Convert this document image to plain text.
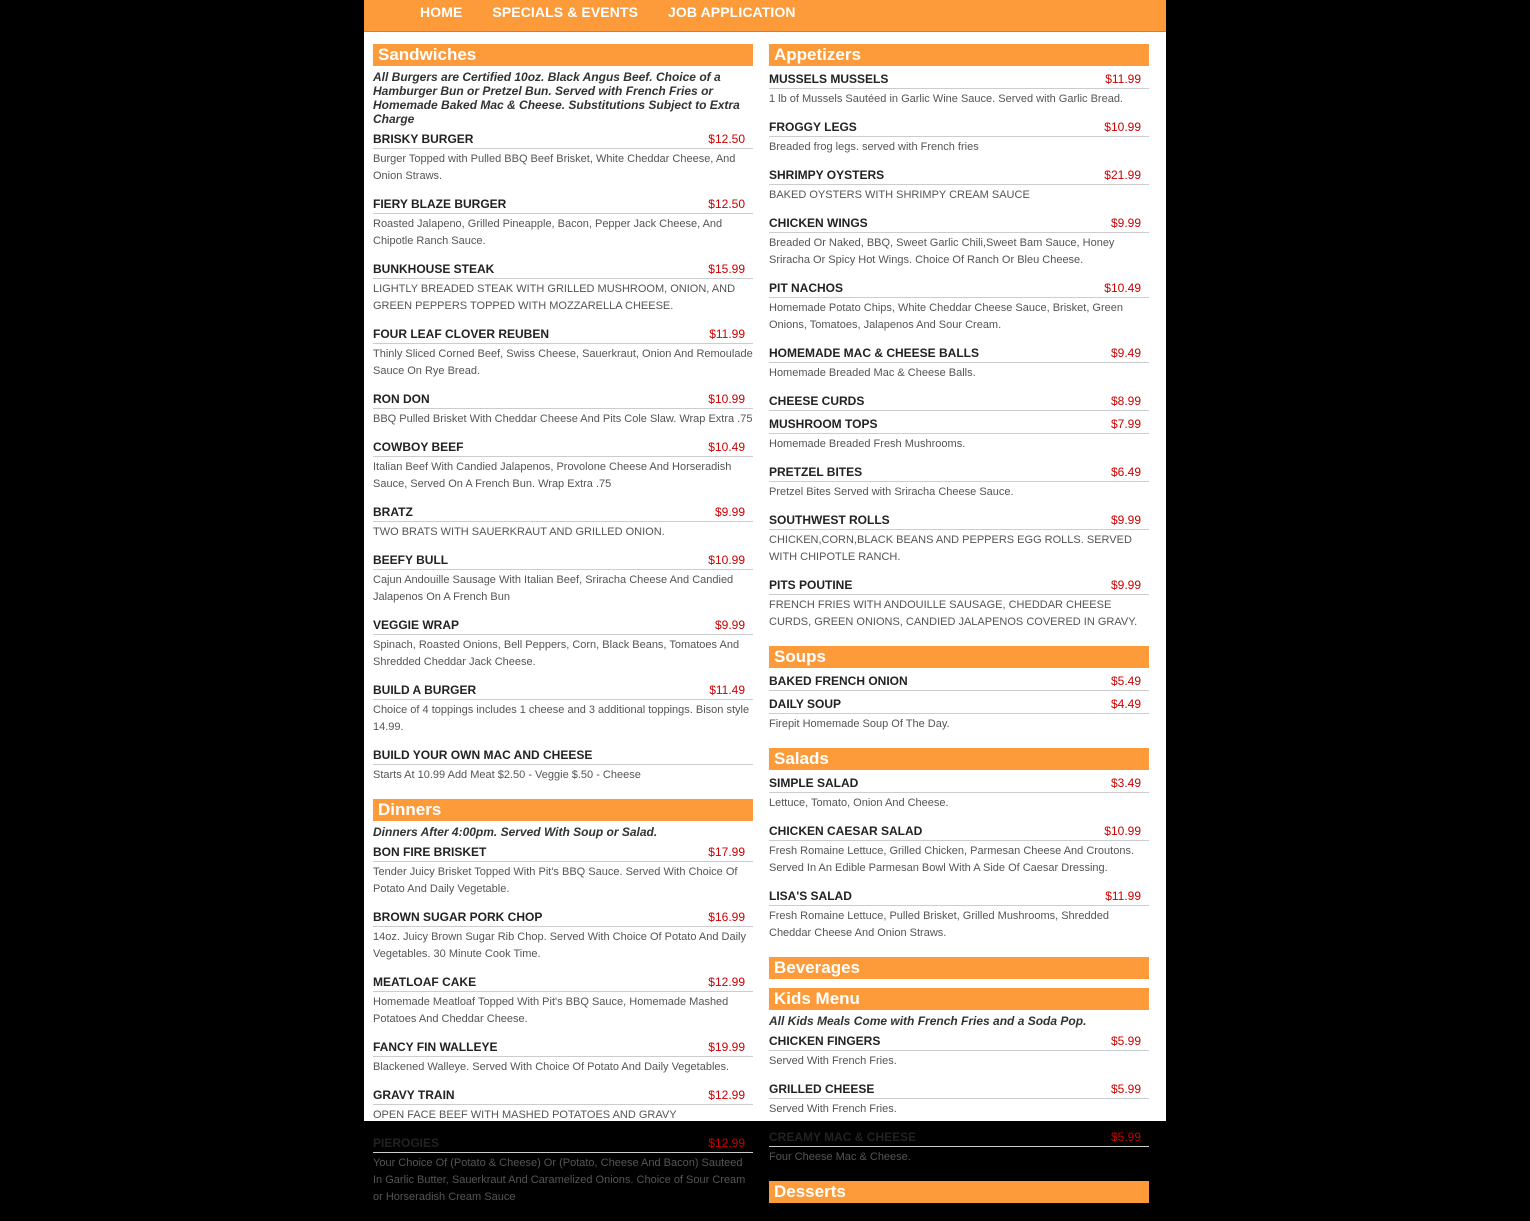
HOME SPECIALS & EVENTS JOB APPLICATION
Sandwiches
All Burgers are Certified 10oz. Black Angus Beef. Choice of a Hamburger Bun or Pretzel Bun. Served with French Fries or Homemade Baked Mac & Cheese. Substitutions Subject to Extra Charge
BRISKY BURGER	$12.50
Burger Topped with Pulled BBQ Beef Brisket, White Cheddar Cheese, And Onion Straws.
FIERY BLAZE BURGER	$12.50
Roasted Jalapeno, Grilled Pineapple, Bacon, Pepper Jack Cheese, And Chipotle Ranch Sauce.
BUNKHOUSE STEAK	$15.99
LIGHTLY BREADED STEAK WITH GRILLED MUSHROOM, ONION, AND GREEN PEPPERS TOPPED WITH MOZZARELLA CHEESE.
FOUR LEAF CLOVER REUBEN	$11.99
Thinly Sliced Corned Beef, Swiss Cheese, Sauerkraut, Onion And Remoulade Sauce On Rye Bread.
RON DON	$10.99
BBQ Pulled Brisket With Cheddar Cheese And Pits Cole Slaw. Wrap Extra .75
COWBOY BEEF	$10.49
Italian Beef With Candied Jalapenos, Provolone Cheese And Horseradish Sauce, Served On A French Bun. Wrap Extra .75
BRATZ	$9.99
TWO BRATS WITH SAUERKRAUT AND GRILLED ONION.
BEEFY BULL	$10.99
Cajun Andouille Sausage With Italian Beef, Sriracha Cheese And Candied Jalapenos On A French Bun
VEGGIE WRAP	$9.99
Spinach, Roasted Onions, Bell Peppers, Corn, Black Beans, Tomatoes And Shredded Cheddar Jack Cheese.
BUILD A BURGER	$11.49
Choice of 4 toppings includes 1 cheese and 3 additional toppings. Bison style 14.99.
BUILD YOUR OWN MAC AND CHEESE
Starts At 10.99 Add Meat $2.50 - Veggie $.50 - Cheese
Dinners
Dinners After 4:00pm. Served With Soup or Salad.
BON FIRE BRISKET	$17.99
Tender Juicy Brisket Topped With Pit's BBQ Sauce. Served With Choice Of Potato And Daily Vegetable.
BROWN SUGAR PORK CHOP	$16.99
14oz. Juicy Brown Sugar Rib Chop. Served With Choice Of Potato And Daily Vegetables. 30 Minute Cook Time.
MEATLOAF CAKE	$12.99
Homemade Meatloaf Topped With Pit's BBQ Sauce, Homemade Mashed Potatoes And Cheddar Cheese.
FANCY FIN WALLEYE	$19.99
Blackened Walleye. Served With Choice Of Potato And Daily Vegetables.
GRAVY TRAIN	$12.99
OPEN FACE BEEF WITH MASHED POTATOES AND GRAVY
PIEROGIES	$12.99
Your Choice Of (Potato & Cheese) Or (Potato, Cheese And Bacon) Sauteed In Garlic Butter, Sauerkraut And Caramelized Onions. Choice of Sour Cream or Horseradish Cream Sauce
Appetizers
MUSSELS MUSSELS	$11.99
1 lb of Mussels Sautéed in Garlic Wine Sauce. Served with Garlic Bread.
FROGGY LEGS	$10.99
Breaded frog legs. served with French fries
SHRIMPY OYSTERS	$21.99
BAKED OYSTERS WITH SHRIMPY CREAM SAUCE
CHICKEN WINGS	$9.99
Breaded Or Naked, BBQ, Sweet Garlic Chili,Sweet Bam Sauce, Honey Sriracha Or Spicy Hot Wings. Choice Of Ranch Or Bleu Cheese.
PIT NACHOS	$10.49
Homemade Potato Chips, White Cheddar Cheese Sauce, Brisket, Green Onions, Tomatoes, Jalapenos And Sour Cream.
HOMEMADE MAC & CHEESE BALLS	$9.49
Homemade Breaded Mac & Cheese Balls.
CHEESE CURDS	$8.99
MUSHROOM TOPS	$7.99
Homemade Breaded Fresh Mushrooms.
PRETZEL BITES	$6.49
Pretzel Bites Served with Sriracha Cheese Sauce.
SOUTHWEST ROLLS	$9.99
CHICKEN,CORN,BLACK BEANS AND PEPPERS EGG ROLLS. SERVED WITH CHIPOTLE RANCH.
PITS POUTINE	$9.99
FRENCH FRIES WITH ANDOUILLE SAUSAGE, CHEDDAR CHEESE CURDS, GREEN ONIONS, CANDIED JALAPENOS COVERED IN GRAVY.
Soups
BAKED FRENCH ONION	$5.49
DAILY SOUP	$4.49
Firepit Homemade Soup Of The Day.
Salads
SIMPLE SALAD	$3.49
Lettuce, Tomato, Onion And Cheese.
CHICKEN CAESAR SALAD	$10.99
Fresh Romaine Lettuce, Grilled Chicken, Parmesan Cheese And Croutons. Served In An Edible Parmesan Bowl With A Side Of Caesar Dressing.
LISA'S SALAD	$11.99
Fresh Romaine Lettuce, Pulled Brisket, Grilled Mushrooms, Shredded Cheddar Cheese And Onion Straws.
Beverages
Kids Menu
All Kids Meals Come with French Fries and a Soda Pop.
CHICKEN FINGERS	$5.99
Served With French Fries.
GRILLED CHEESE	$5.99
Served With French Fries.
CREAMY MAC & CHEESE	$5.99
Four Cheese Mac & Cheese.
Desserts
